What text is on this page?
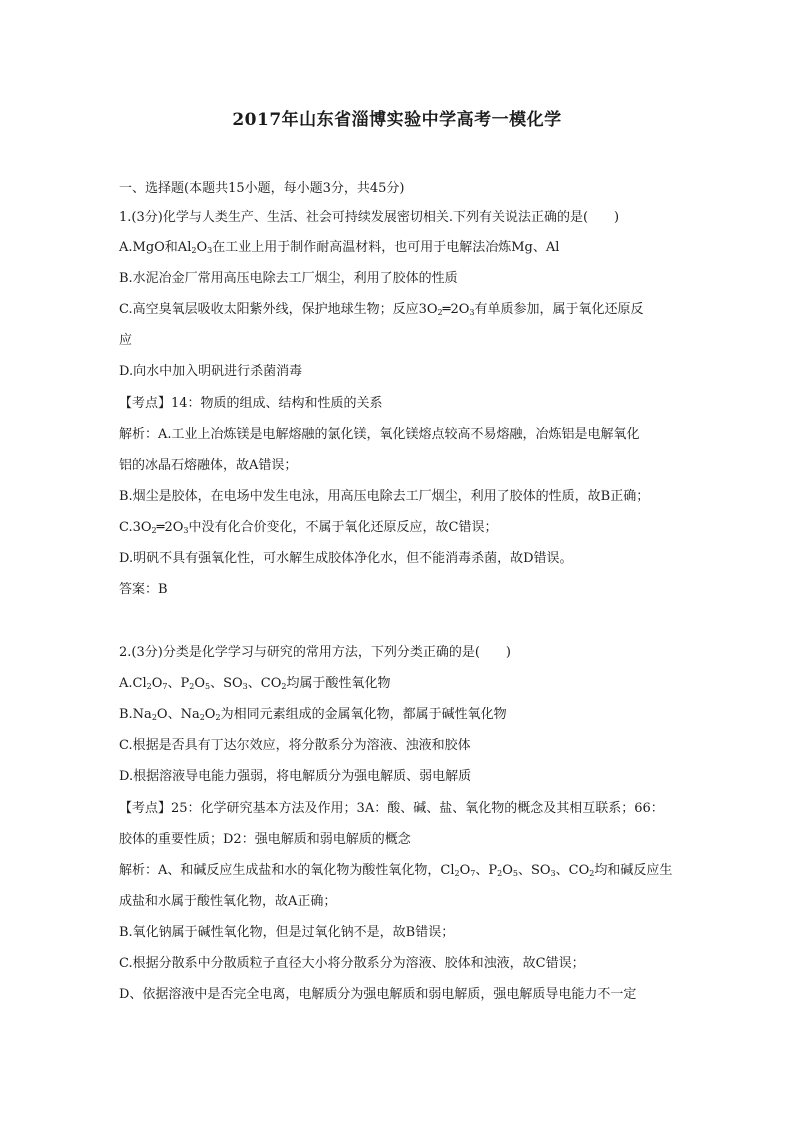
2017年山东省淄博实验中学高考一模化学
一、选择题(本题共15小题，每小题3分，共45分)
1.(3分)化学与人类生产、生活、社会可持续发展密切相关.下列有关说法正确的是(　　)
A.MgO和$Al_2O_3$在工业上用于制作耐高温材料，也可用于电解法冶炼Mg、Al
B.水泥冶金厂常用高压电除去工厂烟尘，利用了胶体的性质
C.高空臭氧层吸收太阳紫外线，保护地球生物；反应$3O_2═2O_3$有单质参加，属于氧化还原反
应
D.向水中加入明矾进行杀菌消毒
【考点】14：物质的组成、结构和性质的关系
解析：A.工业上冶炼镁是电解熔融的氯化镁，氧化镁熔点较高不易熔融，冶炼铝是电解氧化
铝的冰晶石熔融体，故A错误；
B.烟尘是胶体，在电场中发生电泳，用高压电除去工厂烟尘，利用了胶体的性质，故B正确；
$C.3O_2═2O_3$中没有化合价变化，不属于氧化还原反应，故C错误；
D.明矾不具有强氧化性，可水解生成胶体净化水，但不能消毒杀菌，故D错误。
答案：B
2.(3分)分类是化学学习与研究的常用方法，下列分类正确的是(　　)
$A.Cl_2O_7$、$P_2O_5$、$SO_3$、$CO_2$均属于酸性氧化物
$B.Na_2O$、$Na_2O_2$为相同元素组成的金属氧化物，都属于碱性氧化物
C.根据是否具有丁达尔效应，将分散系分为溶液、浊液和胶体
D.根据溶液导电能力强弱，将电解质分为强电解质、弱电解质
【考点】25：化学研究基本方法及作用；3A：酸、碱、盐、氧化物的概念及其相互联系；66：
胶体的重要性质；D2：强电解质和弱电解质的概念
解析：A、和碱反应生成盐和水的氧化物为酸性氧化物，$Cl_2O_7$、$P_2O_5$、$SO_3$、$CO_2$均和碱反应生
成盐和水属于酸性氧化物，故A正确；
B.氧化钠属于碱性氧化物，但是过氧化钠不是，故B错误；
C.根据分散系中分散质粒子直径大小将分散系分为溶液、胶体和浊液，故C错误；
D、依据溶液中是否完全电离，电解质分为强电解质和弱电解质，强电解质导电能力不一定
